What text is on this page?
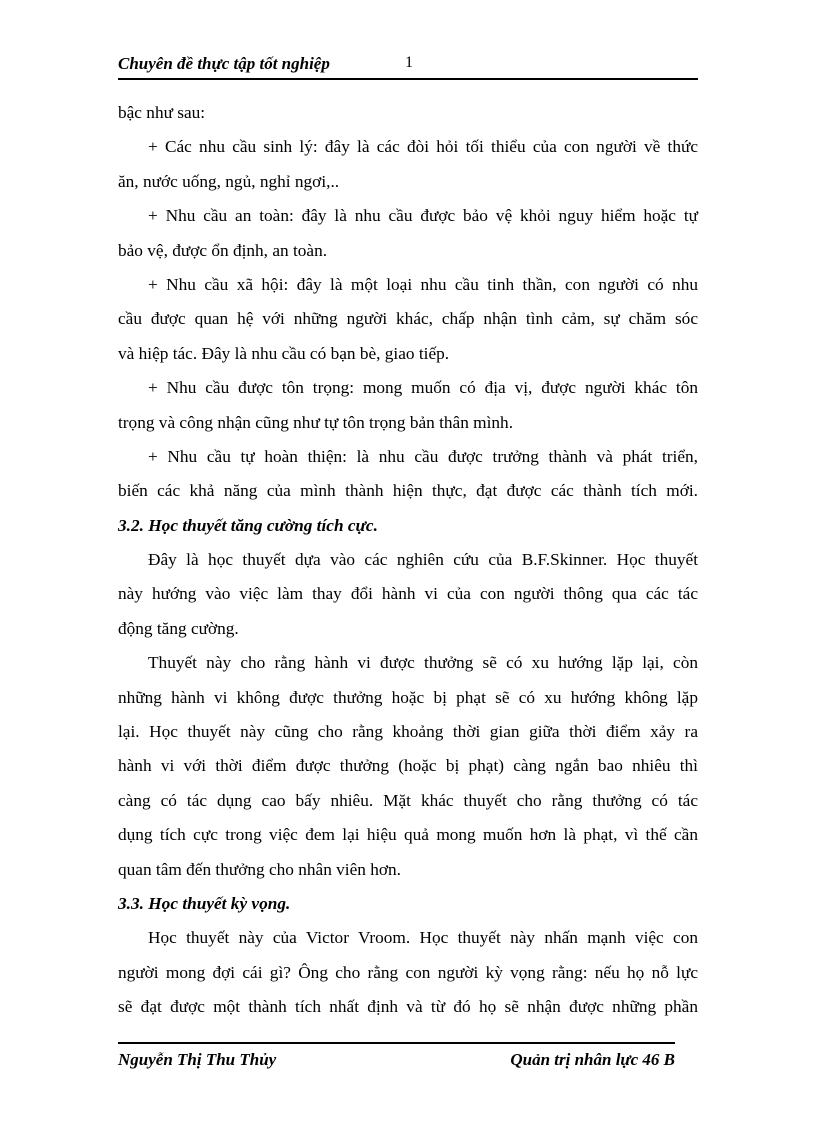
Chuyên đề thực tập tốt nghiệp	1
bậc như sau:
+ Các nhu cầu sinh lý: đây là các đòi hỏi tối thiểu của con người về thức
ăn, nước uống, ngủ, nghỉ ngơi,..
+ Nhu cầu an toàn: đây là nhu cầu được bảo vệ khỏi nguy hiểm hoặc tự
bảo vệ, được ổn định, an toàn.
+ Nhu cầu xã hội: đây là một loại nhu cầu tinh thần, con người có nhu
cầu được quan hệ với những người khác, chấp nhận tình cảm, sự chăm sóc
và hiệp tác. Đây là nhu cầu có bạn bè, giao tiếp.
+ Nhu cầu được tôn trọng: mong muốn có địa vị, được người khác tôn
trọng và công nhận cũng như tự tôn trọng bản thân mình.
+ Nhu cầu tự hoàn thiện: là nhu cầu được trưởng thành và phát triển,
biến các khả năng của mình thành hiện thực, đạt được các thành tích mới.
3.2. Học thuyết tăng cường tích cực.
Đây là học thuyết dựa vào các nghiên cứu của B.F.Skinner. Học thuyết
này hướng vào việc làm thay đổi hành vi của con người thông qua các tác
động tăng cường.
Thuyết này cho rằng hành vi được thưởng sẽ có xu hướng lặp lại, còn
những hành vi không được thưởng hoặc bị phạt sẽ có xu hướng không lặp
lại. Học thuyết này cũng cho rằng khoảng thời gian giữa thời điểm xảy ra
hành vi với thời điểm được thưởng (hoặc bị phạt) càng ngắn bao nhiêu thì
càng có tác dụng cao bấy nhiêu. Mặt khác thuyết cho rằng thưởng có tác
dụng tích cực trong việc đem lại hiệu quả mong muốn hơn là phạt, vì thế cần
quan tâm đến thưởng cho nhân viên hơn.
3.3. Học thuyết kỳ vọng.
Học thuyết này của Victor Vroom. Học thuyết này nhấn mạnh việc con
người mong đợi cái gì? Ông cho rằng con người kỳ vọng rằng: nếu họ nỗ lực
sẽ đạt được một thành tích nhất định và từ đó họ sẽ nhận được những phần
Nguyễn Thị Thu Thủy	Quản trị nhân lực 46 B
